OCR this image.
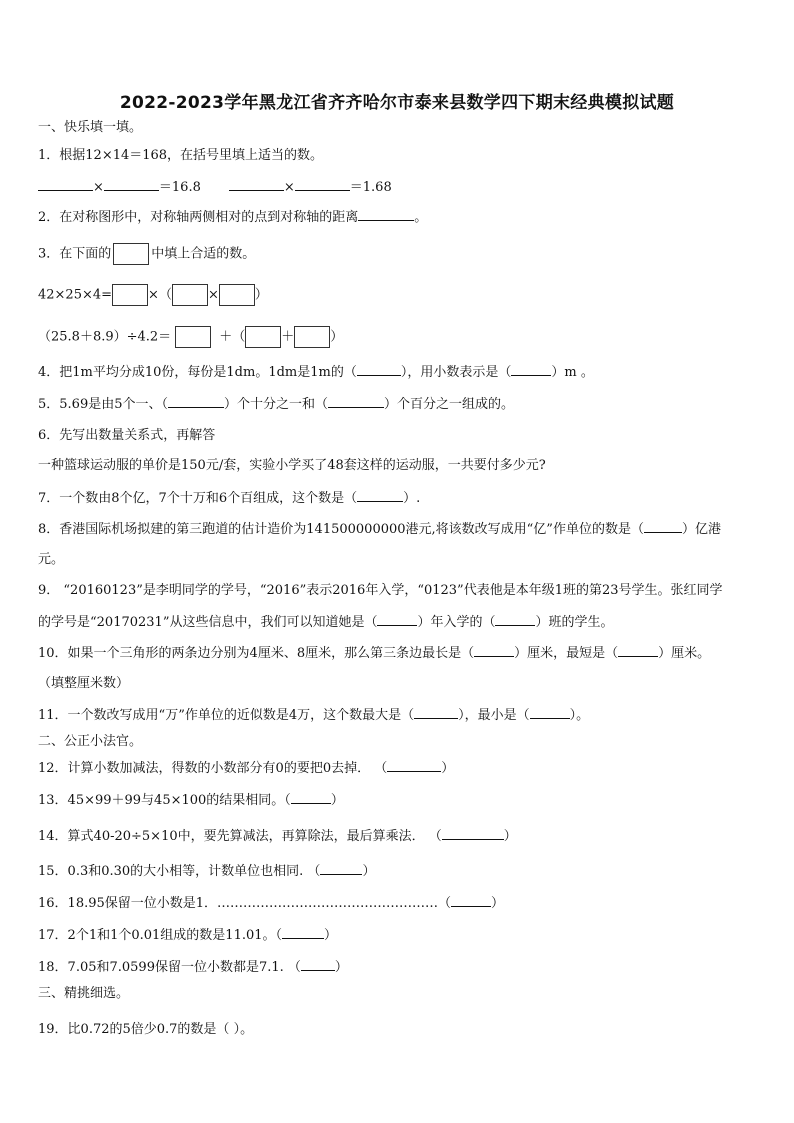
2022-2023学年黑龙江省齐齐哈尔市泰来县数学四下期末经典模拟试题
一、快乐填一填。
1．根据12×14＝168，在括号里填上适当的数。
×	＝16.8	×	＝1.68
2．在对称图形中，对称轴两侧相对的点到对称轴的距离	。
3．在下面的	中填上合适的数。
42×25×4=	×（	×	）
（25.8＋8.9）÷4.2＝	＋（	＋	）
4．把1m平均分成10份，每份是1dm。1dm是1m的（	），用小数表示是（	）m 。
5．5.69是由5个一、（	）个十分之一和（	）个百分之一组成的。
6．先写出数量关系式，再解答
一种篮球运动服的单价是150元/套，实验小学买了48套这样的运动服，一共要付多少元?
7．一个数由8个亿，7个十万和6个百组成，这个数是（	）.
8．香港国际机场拟建的第三跑道的估计造价为141500000000港元,将该数改写成用“亿”作单位的数是（	）亿港
元。
9． “20160123”是李明同学的学号，“2016”表示2016年入学，“0123”代表他是本年级1班的第23号学生。张红同学
的学号是“20170231”从这些信息中，我们可以知道她是（	）年入学的（	）班的学生。
10．如果一个三角形的两条边分别为4厘米、8厘米，那么第三条边最长是（	）厘米，最短是（	）厘米。
（填整厘米数）
11．一个数改写成用“万”作单位的近似数是4万，这个数最大是（	），最小是（	）。
二、公正小法官。
12．计算小数加减法，得数的小数部分有0的要把0去掉． （	）
13．45×99＋99与45×100的结果相同。（	）
14．算式40-20÷5×10中，要先算减法，再算除法，最后算乘法． （	）
15．0.3和0.30的大小相等，计数单位也相同. （	）
16．18.95保留一位小数是1．……………………………………………（	）
17．2个1和1个0.01组成的数是11.01。（	）
18．7.05和7.0599保留一位小数都是7.1. （	）
三、精挑细选。
19．比0.72的5倍少0.7的数是（ ）。
